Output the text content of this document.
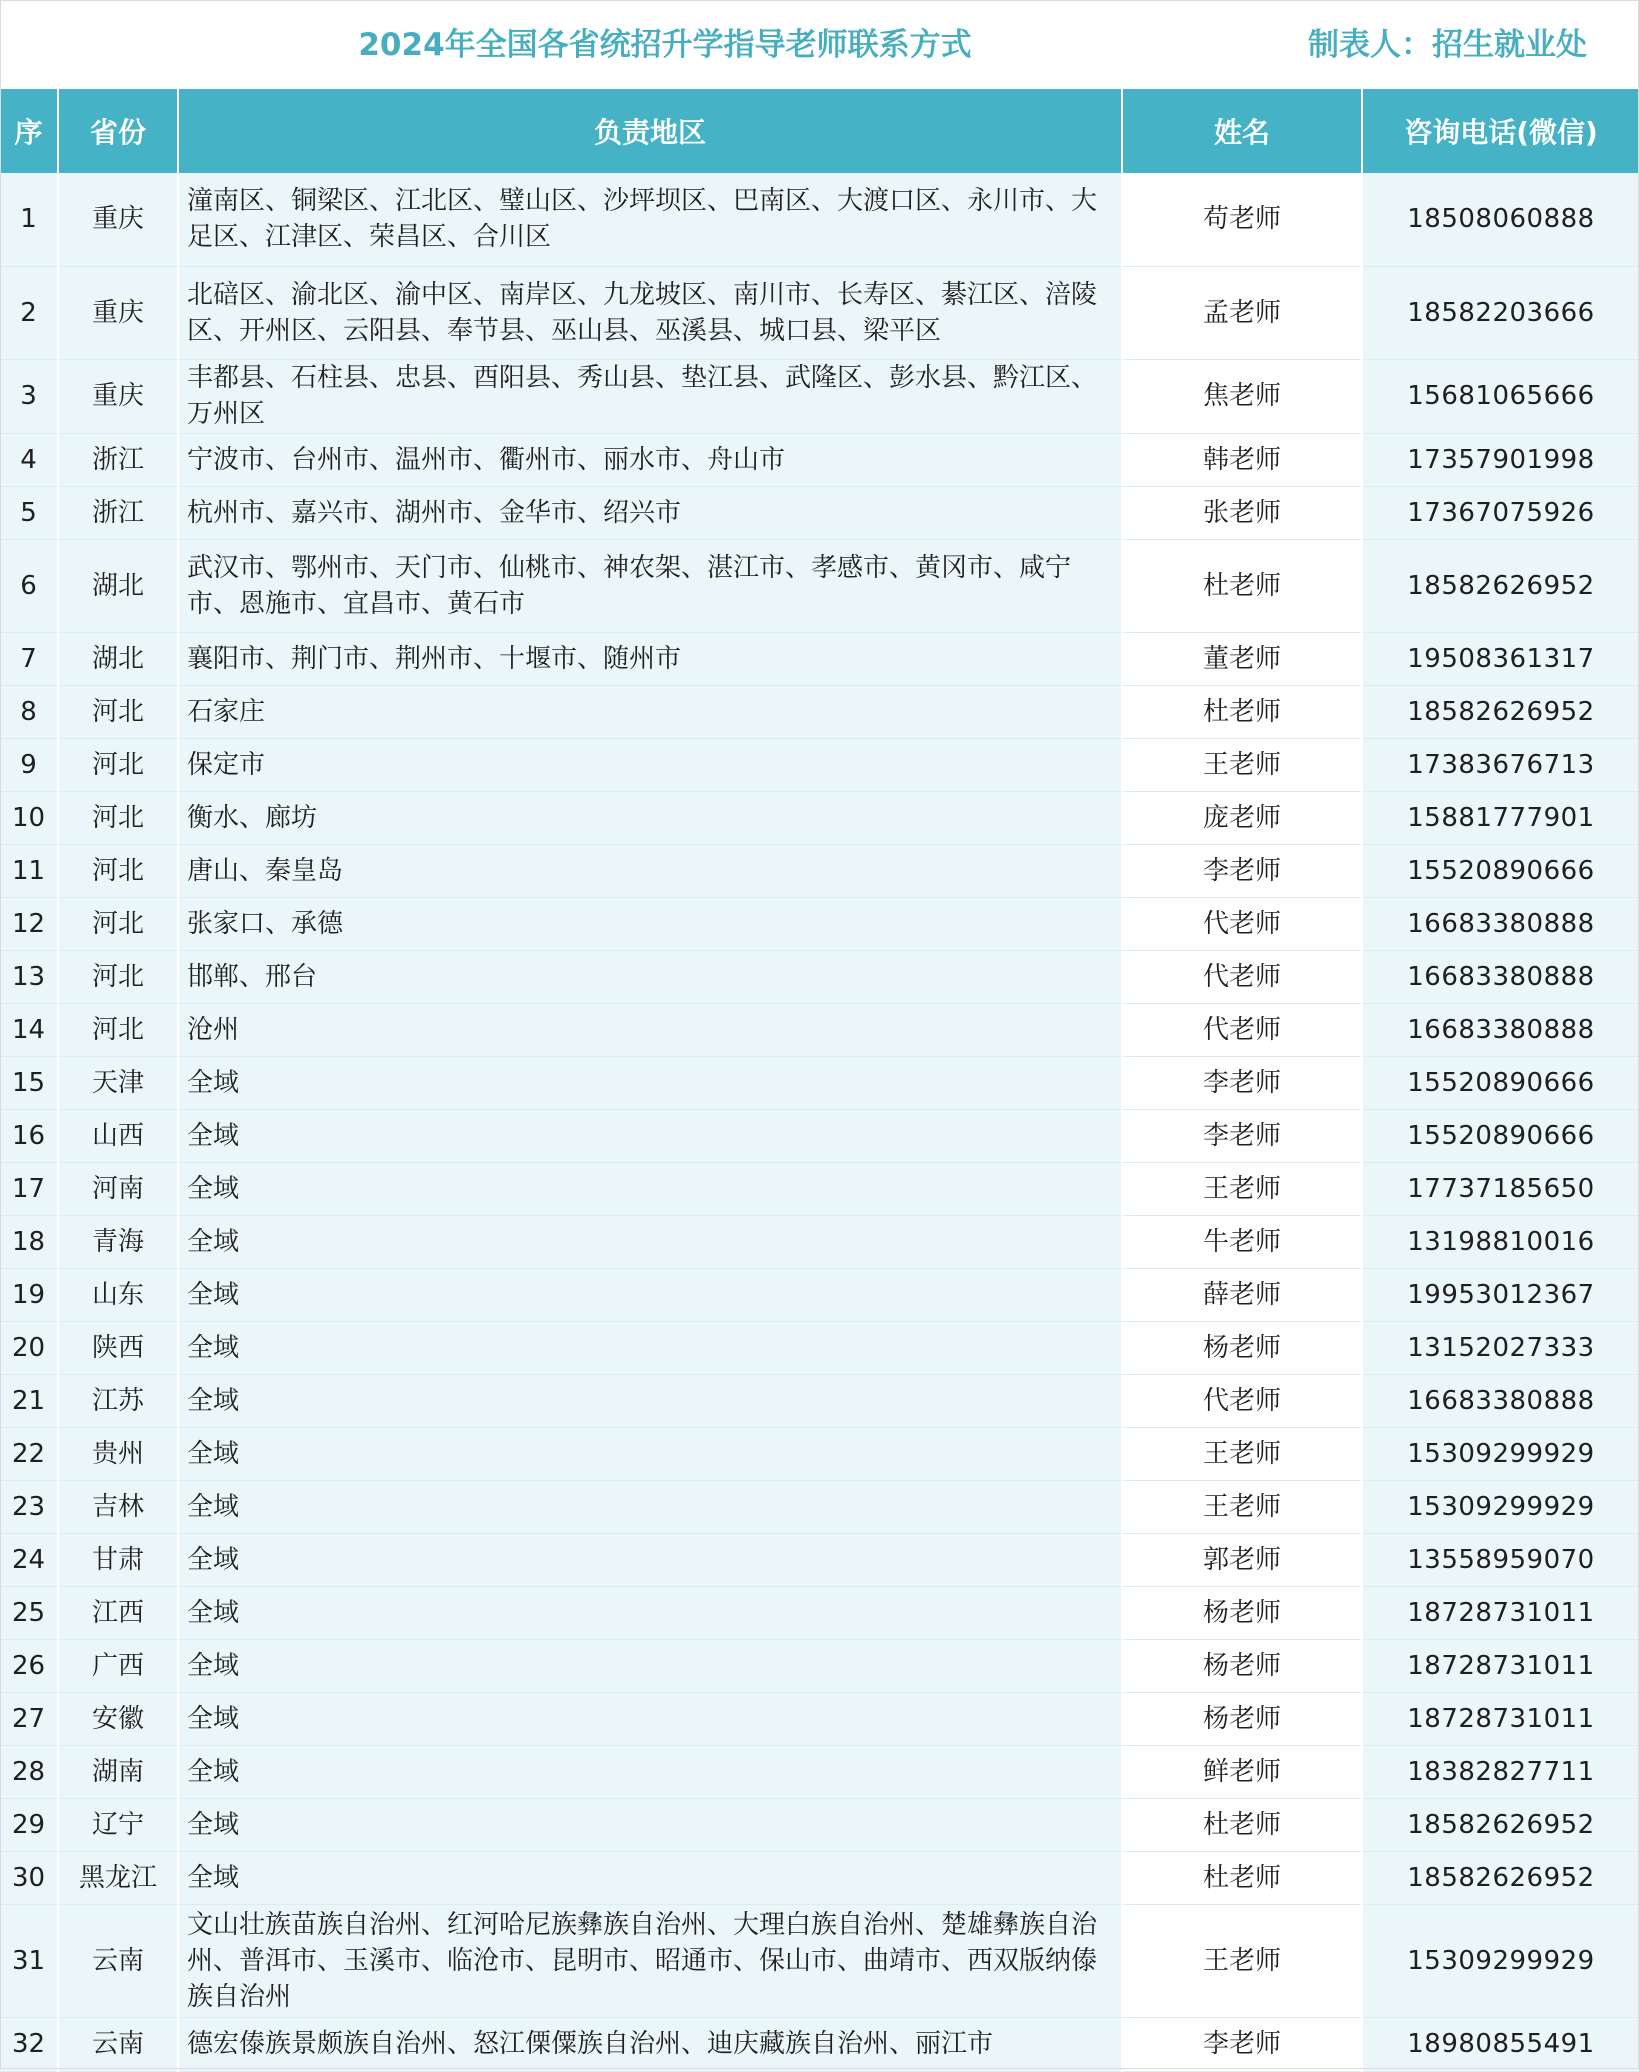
2024年全国各省统招升学指导老师联系方式	制表人：招生就业处
序	省份	负责地区	姓名	咨询电话(微信)
1	重庆	潼南区、铜梁区、江北区、璧山区、沙坪坝区、巴南区、大渡口区、永川市、大足区、江津区、荣昌区、合川区	苟老师	18508060888
2	重庆	北碚区、渝北区、渝中区、南岸区、九龙坡区、南川市、长寿区、綦江区、涪陵区、开州区、云阳县、奉节县、巫山县、巫溪县、城口县、梁平区	孟老师	18582203666
3	重庆	丰都县、石柱县、忠县、酉阳县、秀山县、垫江县、武隆区、彭水县、黔江区、万州区	焦老师	15681065666
4	浙江	宁波市、台州市、温州市、衢州市、丽水市、舟山市	韩老师	17357901998
5	浙江	杭州市、嘉兴市、湖州市、金华市、绍兴市	张老师	17367075926
6	湖北	武汉市、鄂州市、天门市、仙桃市、神农架、湛江市、孝感市、黄冈市、咸宁市、恩施市、宜昌市、黄石市	杜老师	18582626952
7	湖北	襄阳市、荆门市、荆州市、十堰市、随州市	董老师	19508361317
8	河北	石家庄	杜老师	18582626952
9	河北	保定市	王老师	17383676713
10	河北	衡水、廊坊	庞老师	15881777901
11	河北	唐山、秦皇岛	李老师	15520890666
12	河北	张家口、承德	代老师	16683380888
13	河北	邯郸、邢台	代老师	16683380888
14	河北	沧州	代老师	16683380888
15	天津	全域	李老师	15520890666
16	山西	全域	李老师	15520890666
17	河南	全域	王老师	17737185650
18	青海	全域	牛老师	13198810016
19	山东	全域	薛老师	19953012367
20	陕西	全域	杨老师	13152027333
21	江苏	全域	代老师	16683380888
22	贵州	全域	王老师	15309299929
23	吉林	全域	王老师	15309299929
24	甘肃	全域	郭老师	13558959070
25	江西	全域	杨老师	18728731011
26	广西	全域	杨老师	18728731011
27	安徽	全域	杨老师	18728731011
28	湖南	全域	鲜老师	18382827711
29	辽宁	全域	杜老师	18582626952
30	黑龙江	全域	杜老师	18582626952
31	云南	文山壮族苗族自治州、红河哈尼族彝族自治州、大理白族自治州、楚雄彝族自治州、普洱市、玉溪市、临沧市、昆明市、昭通市、保山市、曲靖市、西双版纳傣族自治州	王老师	15309299929
32	云南	德宏傣族景颇族自治州、怒江傈僳族自治州、迪庆藏族自治州、丽江市	李老师	18980855491
